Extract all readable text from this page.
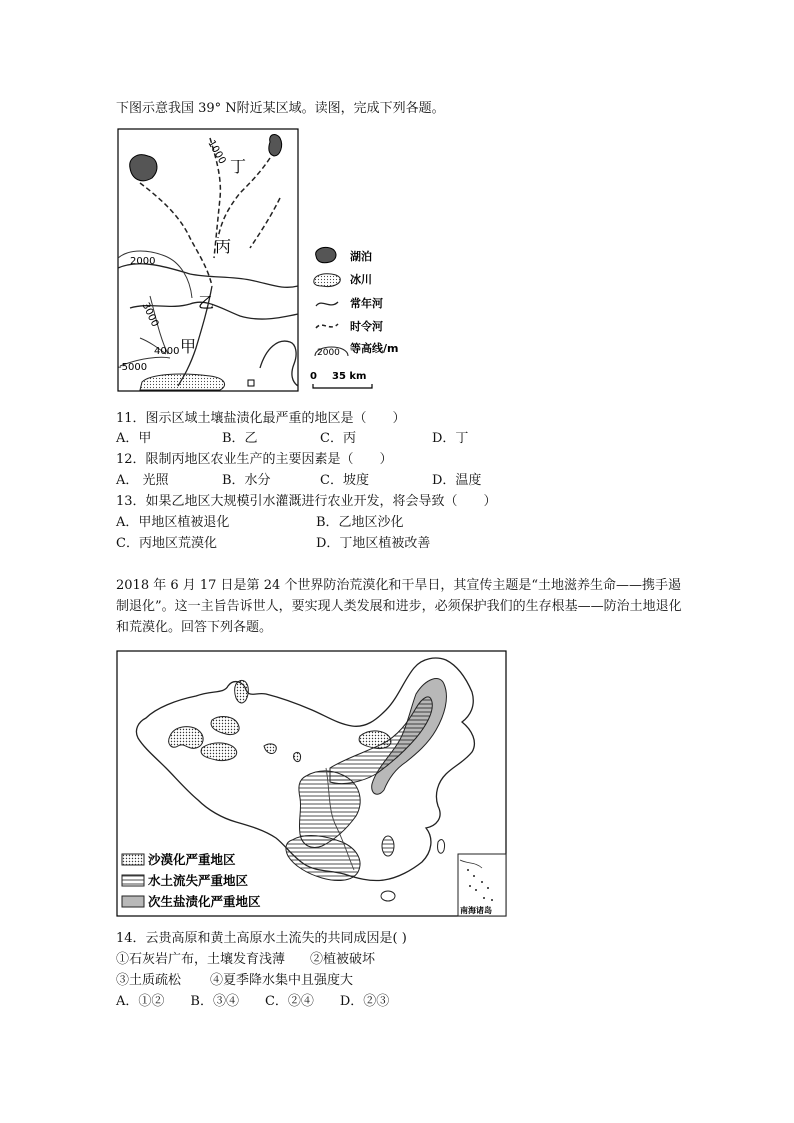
下图示意我国 39° N附近某区域。读图，完成下列各题。
丁
丙
乙
甲
1000
2000
3000
4000
-5000
湖泊
冰川
常年河
时令河
2000 等高线/m
0 35 km
11．图示区域土壤盐渍化最严重的地区是（　　）
A．甲	B．乙	C．丙	D．丁
12．限制丙地区农业生产的主要因素是（　　）
A． 光照	B．水分	C．坡度	D．温度
13．如果乙地区大规模引水灌溉进行农业开发，将会导致（　　）
A．甲地区植被退化	B．乙地区沙化
C．丙地区荒漠化	D．丁地区植被改善
2018 年 6 月 17 日是第 24 个世界防治荒漠化和干旱日，其宣传主题是“土地滋养生命——携手遏制退化”。这一主旨告诉世人，要实现人类发展和进步，必须保护我们的生存根基——防治土地退化和荒漠化。回答下列各题。
南海诸岛
沙漠化严重地区
水土流失严重地区
次生盐渍化严重地区
14．云贵高原和黄土高原水土流失的共同成因是( )
①石灰岩广布，土壤发育浅薄 ②植被破坏
③土质疏松 ④夏季降水集中且强度大
A．①②　　B．③④　　C．②④　　D．②③
